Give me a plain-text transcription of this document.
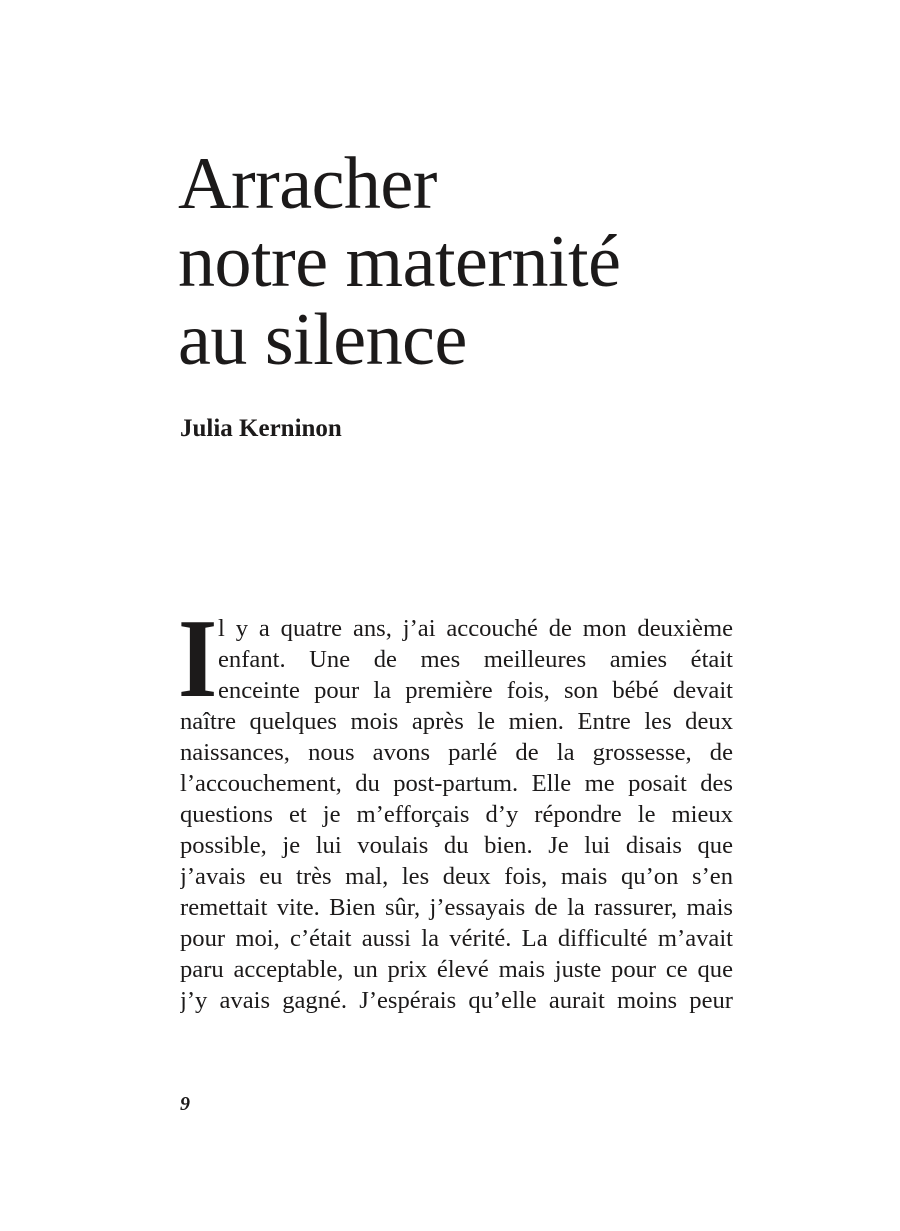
Arracher
notre maternité
au silence

Julia Kerninon

I l y a quatre ans, j’ai accouché de mon deuxième
enfant. Une de mes meilleures amies était
enceinte pour la première fois, son bébé devait
naître quelques mois après le mien. Entre les deux
naissances, nous avons parlé de la grossesse, de
l’accouchement, du post-partum. Elle me posait des
questions et je m’efforçais d’y répondre le mieux
possible, je lui voulais du bien. Je lui disais que
j’avais eu très mal, les deux fois, mais qu’on s’en
remettait vite. Bien sûr, j’essayais de la rassurer, mais
pour moi, c’était aussi la vérité. La difficulté m’avait
paru acceptable, un prix élevé mais juste pour ce que
j’y avais gagné. J’espérais qu’elle aurait moins peur
9
